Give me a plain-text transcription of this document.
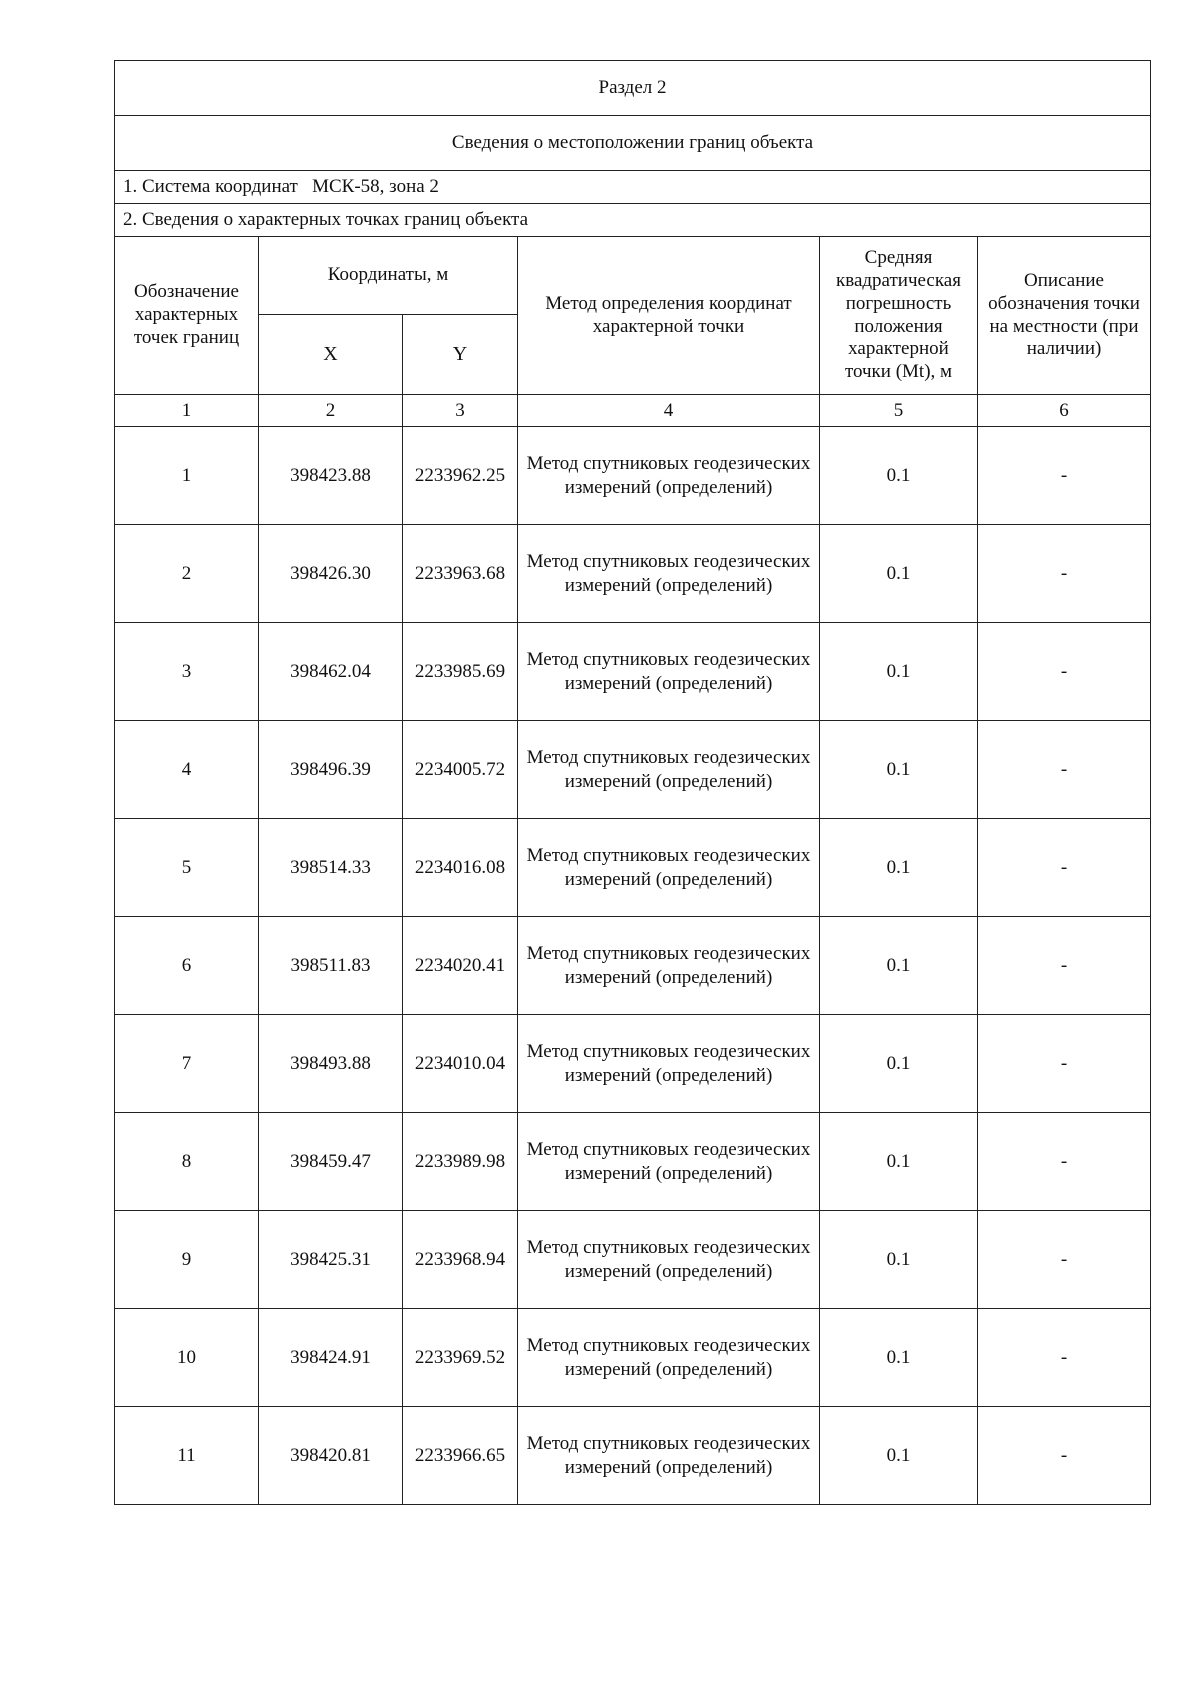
Раздел 2					
Сведения о местоположении границ объекта					
1. Система координат МСК-58, зона 2					
2. Сведения о характерных точках границ объекта					
Обозначение характерных точек границ	Координаты, м		Метод определения координат характерной точки	Средняя квадратическая погрешность положения характерной точки (Mt), м	Описание обозначения точки на местности (при наличии)
	X	Y			
1	2	3	4	5	6
1	398423.88	2233962.25	Метод спутниковых геодезических измерений (определений)	0.1	-
2	398426.30	2233963.68	Метод спутниковых геодезических измерений (определений)	0.1	-
3	398462.04	2233985.69	Метод спутниковых геодезических измерений (определений)	0.1	-
4	398496.39	2234005.72	Метод спутниковых геодезических измерений (определений)	0.1	-
5	398514.33	2234016.08	Метод спутниковых геодезических измерений (определений)	0.1	-
6	398511.83	2234020.41	Метод спутниковых геодезических измерений (определений)	0.1	-
7	398493.88	2234010.04	Метод спутниковых геодезических измерений (определений)	0.1	-
8	398459.47	2233989.98	Метод спутниковых геодезических измерений (определений)	0.1	-
9	398425.31	2233968.94	Метод спутниковых геодезических измерений (определений)	0.1	-
10	398424.91	2233969.52	Метод спутниковых геодезических измерений (определений)	0.1	-
11	398420.81	2233966.65	Метод спутниковых геодезических измерений (определений)	0.1	-
